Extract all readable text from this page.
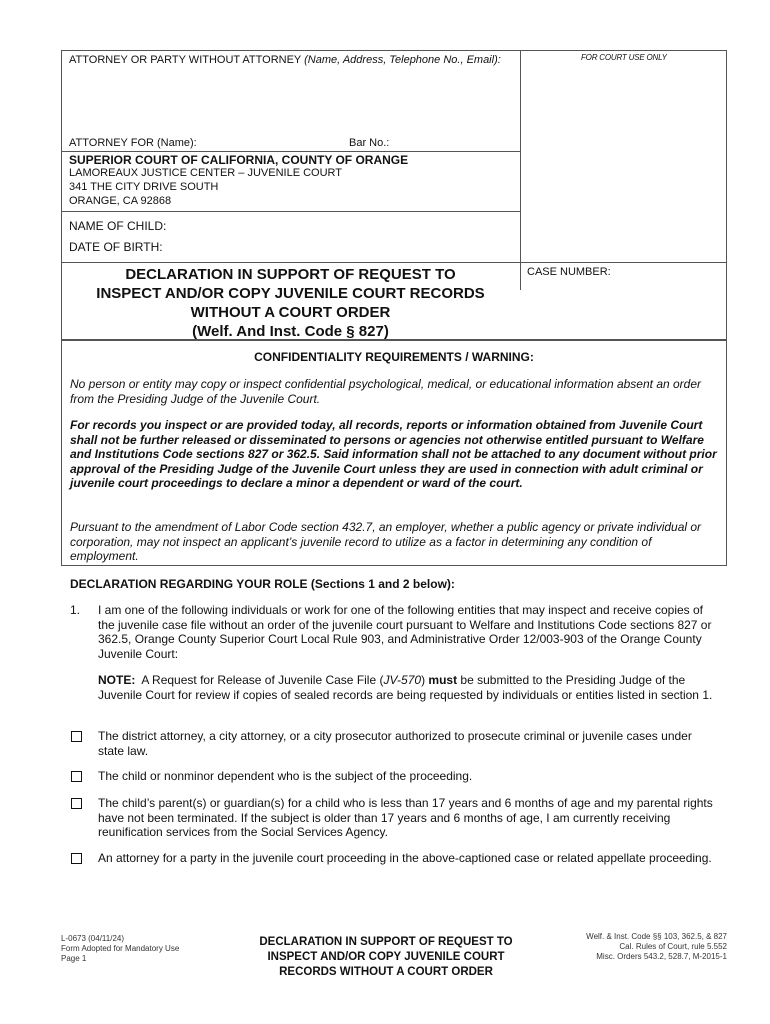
ATTORNEY OR PARTY WITHOUT ATTORNEY (Name, Address, Telephone No., Email):	FOR COURT USE ONLY
ATTORNEY FOR (Name):	Bar No.:
SUPERIOR COURT OF CALIFORNIA, COUNTY OF ORANGE
LAMOREAUX JUSTICE CENTER – JUVENILE COURT
341 THE CITY DRIVE SOUTH
ORANGE, CA 92868
NAME OF CHILD:
DATE OF BIRTH:
DECLARATION IN SUPPORT OF REQUEST TO
INSPECT AND/OR COPY JUVENILE COURT RECORDS
WITHOUT A COURT ORDER
(Welf. And Inst. Code § 827)
CASE NUMBER:
CONFIDENTIALITY REQUIREMENTS / WARNING:

No person or entity may copy or inspect confidential psychological, medical, or educational information absent an order from the Presiding Judge of the Juvenile Court.

For records you inspect or are provided today, all records, reports or information obtained from Juvenile Court shall not be further released or disseminated to persons or agencies not otherwise entitled pursuant to Welfare and Institutions Code sections 827 or 362.5. Said information shall not be attached to any document without prior approval of the Presiding Judge of the Juvenile Court unless they are used in connection with adult criminal or juvenile court proceedings to declare a minor a dependent or ward of the court.

Pursuant to the amendment of Labor Code section 432.7, an employer, whether a public agency or private individual or corporation, may not inspect an applicant’s juvenile record to utilize as a factor in determining any condition of employment.

DECLARATION REGARDING YOUR ROLE (Sections 1 and 2 below):
1. I am one of the following individuals or work for one of the following entities that may inspect and receive copies of the juvenile case file without an order of the juvenile court pursuant to Welfare and Institutions Code sections 827 or 362.5, Orange County Superior Court Local Rule 903, and Administrative Order 12/003-903 of the Orange County Juvenile Court:

NOTE: A Request for Release of Juvenile Case File (JV-570) must be submitted to the Presiding Judge of the Juvenile Court for review if copies of sealed records are being requested by individuals or entities listed in section 1.

The district attorney, a city attorney, or a city prosecutor authorized to prosecute criminal or juvenile cases under state law.

The child or nonminor dependent who is the subject of the proceeding.

The child’s parent(s) or guardian(s) for a child who is less than 17 years and 6 months of age and my parental rights have not been terminated. If the subject is older than 17 years and 6 months of age, I am currently receiving reunification services from the Social Services Agency.

An attorney for a party in the juvenile court proceeding in the above-captioned case or related appellate proceeding.

L-0673 (04/11/24)
Form Adopted for Mandatory Use
Page 1
DECLARATION IN SUPPORT OF REQUEST TO
INSPECT AND/OR COPY JUVENILE COURT
RECORDS WITHOUT A COURT ORDER
Welf. & Inst. Code §§ 103, 362.5, & 827
Cal. Rules of Court, rule 5.552
Misc. Orders 543.2, 528.7, M-2015-1
